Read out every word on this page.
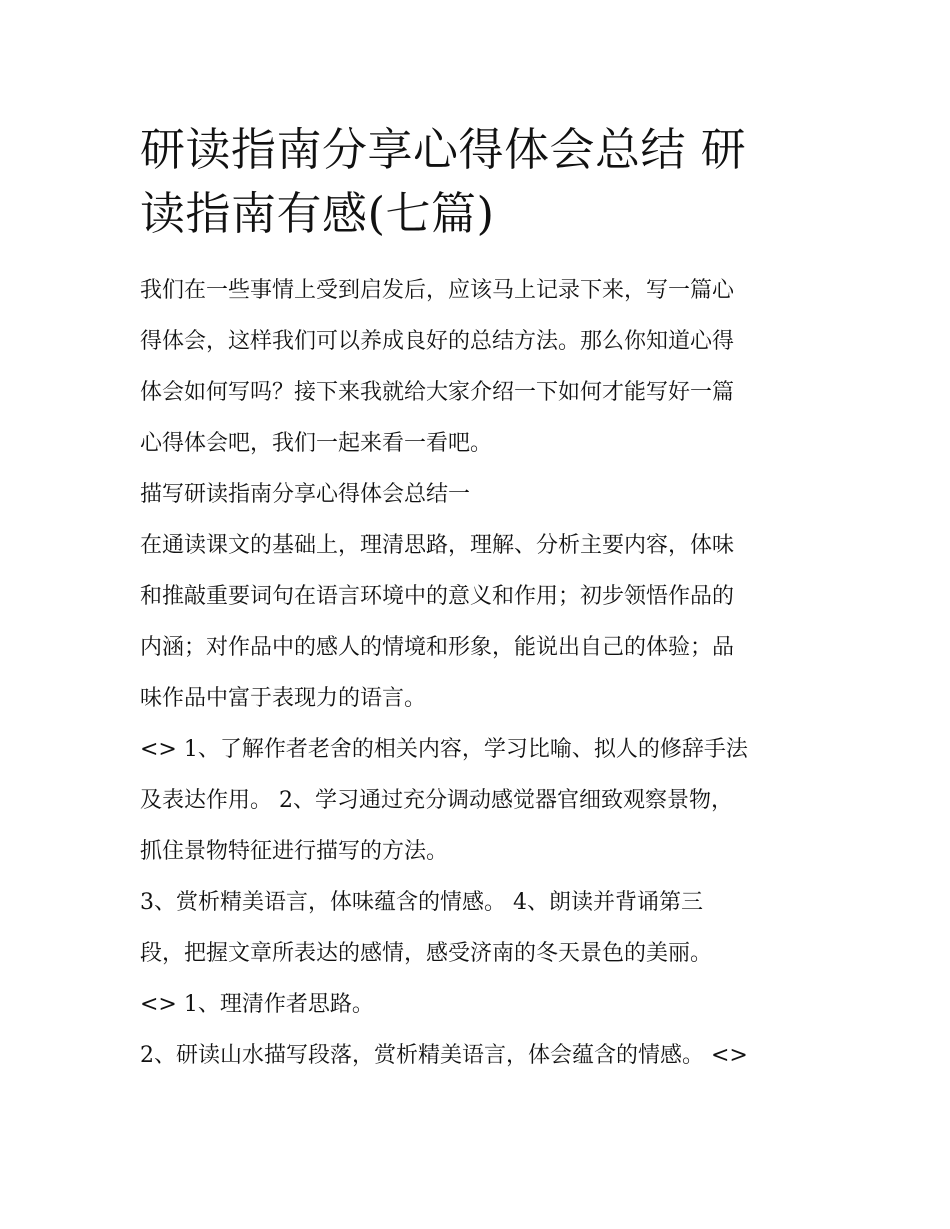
研读指南分享心得体会总结 研
读指南有感(七篇)

我们在一些事情上受到启发后，应该马上记录下来，写一篇心
得体会，这样我们可以养成良好的总结方法。那么你知道心得
体会如何写吗？接下来我就给大家介绍一下如何才能写好一篇
心得体会吧，我们一起来看一看吧。

描写研读指南分享心得体会总结一

在通读课文的基础上，理清思路，理解、分析主要内容，体味
和推敲重要词句在语言环境中的意义和作用；初步领悟作品的
内涵；对作品中的感人的情境和形象，能说出自己的体验；品
味作品中富于表现力的语言。

<> 1、了解作者老舍的相关内容，学习比喻、拟人的修辞手法
及表达作用。 2、学习通过充分调动感觉器官细致观察景物，
抓住景物特征进行描写的方法。

3、赏析精美语言，体味蕴含的情感。 4、朗读并背诵第三
段，把握文章所表达的感情，感受济南的冬天景色的美丽。

<> 1、理清作者思路。

2、研读山水描写段落，赏析精美语言，体会蕴含的情感。 <>
